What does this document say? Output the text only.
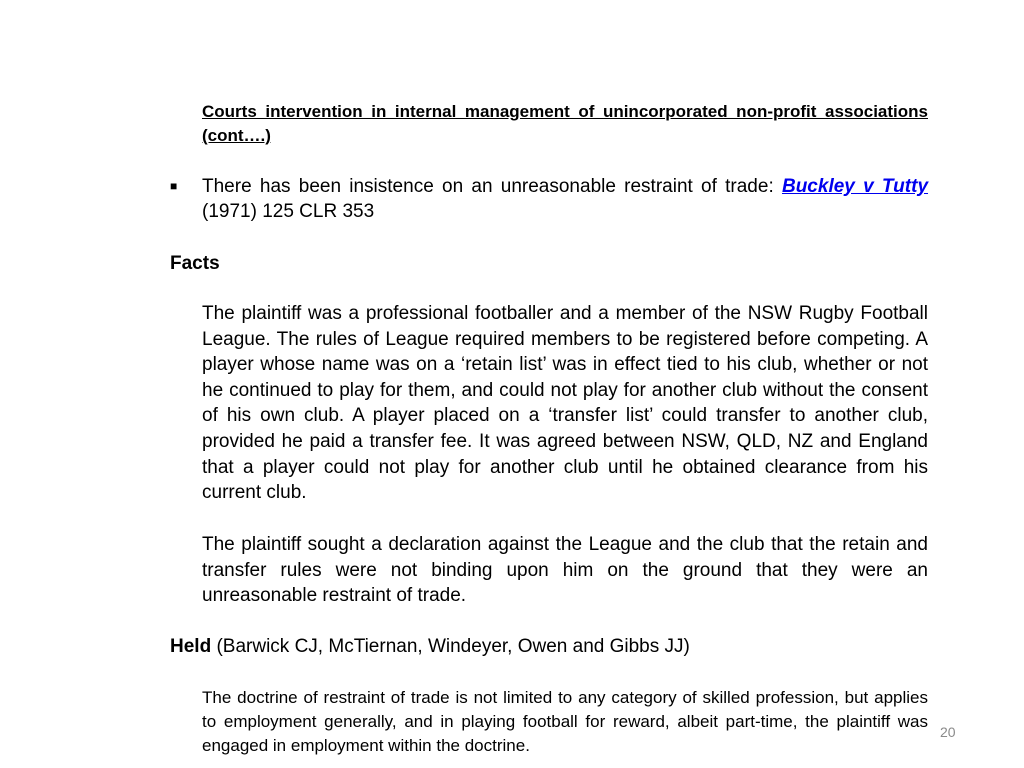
Courts intervention in internal management of unincorporated non-profit associations (cont….)
■ There has been insistence on an unreasonable restraint of trade: Buckley v Tutty (1971) 125 CLR 353
Facts
The plaintiff was a professional footballer and a member of the NSW Rugby Football League. The rules of League required members to be registered before competing. A player whose name was on a ‘retain list’ was in effect tied to his club, whether or not he continued to play for them, and could not play for another club without the consent of his own club. A player placed on a ‘transfer list’ could transfer to another club, provided he paid a transfer fee. It was agreed between NSW, QLD, NZ and England that a player could not play for another club until he obtained clearance from his current club.
The plaintiff sought a declaration against the League and the club that the retain and transfer rules were not binding upon him on the ground that they were an unreasonable restraint of trade.
Held (Barwick CJ, McTiernan, Windeyer, Owen and Gibbs JJ)
The doctrine of restraint of trade is not limited to any category of skilled profession, but applies to employment generally, and in playing football for reward, albeit part-time, the plaintiff was engaged in employment within the doctrine.
20
